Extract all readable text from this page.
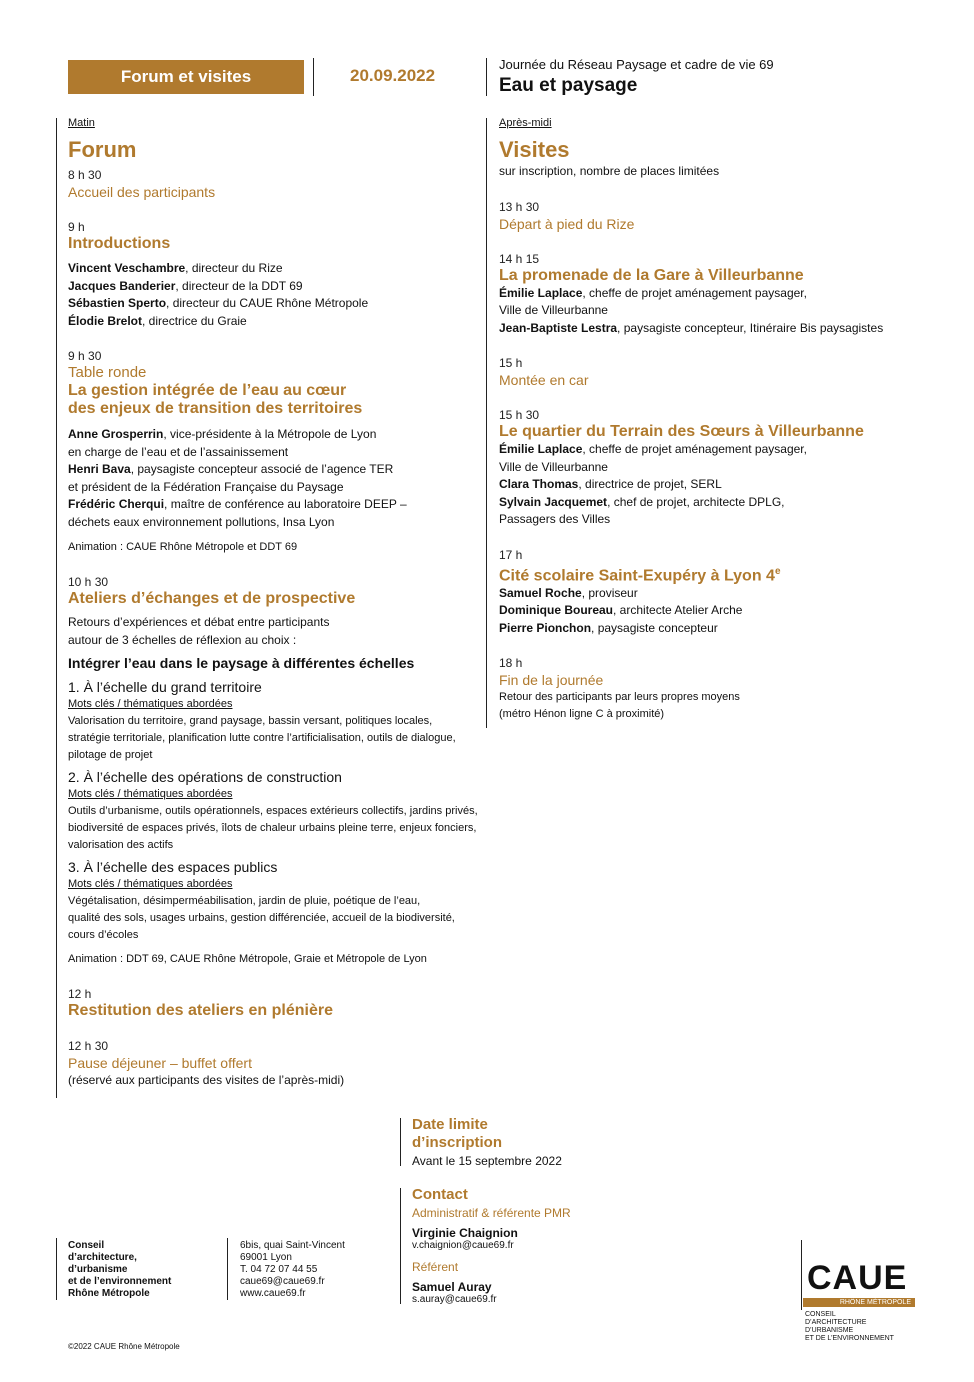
Forum et visites	20.09.2022
Journée du Réseau Paysage et cadre de vie 69
Eau et paysage
Matin
Forum
8 h 30
Accueil des participants
9 h
Introductions
Vincent Veschambre, directeur du Rize
Jacques Banderier, directeur de la DDT 69
Sébastien Sperto, directeur du CAUE Rhône Métropole
Élodie Brelot, directrice du Graie
9 h 30
Table ronde
La gestion intégrée de l’eau au cœur
des enjeux de transition des territoires
Anne Grosperrin, vice-présidente à la Métropole de Lyon
en charge de l’eau et de l’assainissement
Henri Bava, paysagiste concepteur associé de l’agence TER
et président de la Fédération Française du Paysage
Frédéric Cherqui, maître de conférence au laboratoire DEEP –
déchets eaux environnement pollutions, Insa Lyon
Animation : CAUE Rhône Métropole et DDT 69
10 h 30
Ateliers d’échanges et de prospective
Retours d’expériences et débat entre participants
autour de 3 échelles de réflexion au choix :
Intégrer l’eau dans le paysage à différentes échelles
1. À l’échelle du grand territoire
Mots clés / thématiques abordées
Valorisation du territoire, grand paysage, bassin versant, politiques locales,
stratégie territoriale, planification lutte contre l’artificialisation, outils de dialogue,
pilotage de projet
2. À l’échelle des opérations de construction
Mots clés / thématiques abordées
Outils d’urbanisme, outils opérationnels, espaces extérieurs collectifs, jardins privés,
biodiversité de espaces privés, îlots de chaleur urbains pleine terre, enjeux fonciers,
valorisation des actifs
3. À l’échelle des espaces publics
Mots clés / thématiques abordées
Végétalisation, désimperméabilisation, jardin de pluie, poétique de l’eau,
qualité des sols, usages urbains, gestion différenciée, accueil de la biodiversité,
cours d’écoles
Animation : DDT 69, CAUE Rhône Métropole, Graie et Métropole de Lyon
12 h
Restitution des ateliers en plénière
12 h 30
Pause déjeuner – buffet offert
(réservé aux participants des visites de l’après-midi)
Après-midi
Visites
sur inscription, nombre de places limitées
13 h 30
Départ à pied du Rize
14 h 15
La promenade de la Gare à Villeurbanne
Émilie Laplace, cheffe de projet aménagement paysager,
Ville de Villeurbanne
Jean-Baptiste Lestra, paysagiste concepteur, Itinéraire Bis paysagistes
15 h
Montée en car
15 h 30
Le quartier du Terrain des Sœurs à Villeurbanne
Émilie Laplace, cheffe de projet aménagement paysager,
Ville de Villeurbanne
Clara Thomas, directrice de projet, SERL
Sylvain Jacquemet, chef de projet, architecte DPLG,
Passagers des Villes
17 h
Cité scolaire Saint-Exupéry à Lyon 4e
Samuel Roche, proviseur
Dominique Boureau, architecte Atelier Arche
Pierre Pionchon, paysagiste concepteur
18 h
Fin de la journée
Retour des participants par leurs propres moyens
(métro Hénon ligne C à proximité)
Date limite
d’inscription
Avant le 15 septembre 2022
Contact
Administratif & référente PMR
Virginie Chaignion
v.chaignion@caue69.fr
Référent
Samuel Auray
s.auray@caue69.fr
Conseil
d’architecture,
d’urbanisme
et de l’environnement
Rhône Métropole
6bis, quai Saint-Vincent
69001 Lyon
T. 04 72 07 44 55
caue69@caue69.fr
www.caue69.fr	CAUE
RHÔNE MÉTROPOLE
CONSEIL
D’ARCHITECTURE
D’URBANISME
ET DE L’ENVIRONNEMENT
©2022 CAUE Rhône Métropole
